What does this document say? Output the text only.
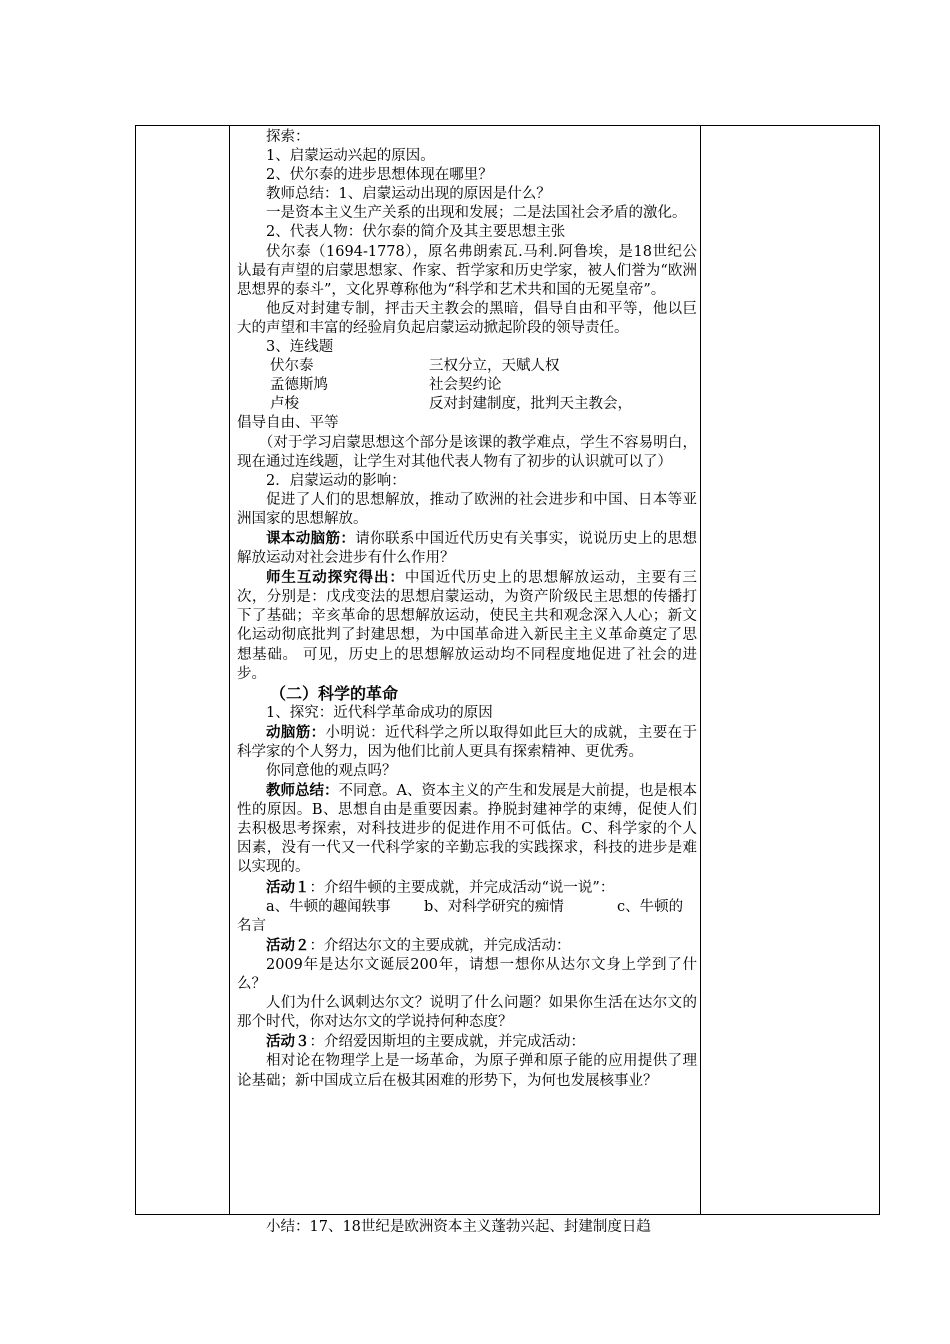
探索：

1、启蒙运动兴起的原因。

2、伏尔泰的进步思想体现在哪里？

教师总结：1、启蒙运动出现的原因是什么？

一是资本主义生产关系的出现和发展；二是法国社会矛盾的激化。

2、代表人物：伏尔泰的简介及其主要思想主张

伏尔泰（1694-1778），原名弗朗索瓦.马利.阿鲁埃，是18世纪公认最有声望的启蒙思想家、作家、哲学家和历史学家，被人们誉为“欧洲思想界的泰斗”，文化界尊称他为“科学和艺术共和国的无冕皇帝”。

他反对封建专制，抨击天主教会的黑暗，倡导自由和平等，他以巨大的声望和丰富的经验肩负起启蒙运动掀起阶段的领导责任。

3、连线题

伏尔泰	三权分立，天赋人权
孟德斯鸠	社会契约论
卢梭	反对封建制度，批判天主教会，

倡导自由、平等

（对于学习启蒙思想这个部分是该课的教学难点，学生不容易明白，现在通过连线题，让学生对其他代表人物有了初步的认识就可以了）

2．启蒙运动的影响：

促进了人们的思想解放，推动了欧洲的社会进步和中国、日本等亚洲国家的思想解放。

课本动脑筋：请你联系中国近代历史有关事实，说说历史上的思想解放运动对社会进步有什么作用？

师生互动探究得出：中国近代历史上的思想解放运动，主要有三次，分别是：戊戌变法的思想启蒙运动，为资产阶级民主思想的传播打下了基础；辛亥革命的思想解放运动，使民主共和观念深入人心；新文化运动彻底批判了封建思想，为中国革命进入新民主主义革命奠定了思想基础。 可见，历史上的思想解放运动均不同程度地促进了社会的进步。

（二）科学的革命

1、探究：近代科学革命成功的原因

动脑筋：小明说：近代科学之所以取得如此巨大的成就，主要在于科学家的个人努力，因为他们比前人更具有探索精神、更优秀。

你同意他的观点吗？

教师总结：不同意。A、资本主义的产生和发展是大前提，也是根本性的原因。B、思想自由是重要因素。挣脱封建神学的束缚，促使人们去积极思考探索，对科技进步的促进作用不可低估。C、科学家的个人因素，没有一代又一代科学家的辛勤忘我的实践探求，科技的进步是难以实现的。

活动１：介绍牛顿的主要成就，并完成活动“说一说”：

a、牛顿的趣闻轶事	b、对科学研究的痴情	c、牛顿的

名言

活动２：介绍达尔文的主要成就，并完成活动：

2009年是达尔文诞辰200年，请想一想你从达尔文身上学到了什么？

人们为什么讽刺达尔文？说明了什么问题？如果你生活在达尔文的那个时代，你对达尔文的学说持何种态度？

活动３：介绍爱因斯坦的主要成就，并完成活动：

相对论在物理学上是一场革命，为原子弹和原子能的应用提供了理论基础；新中国成立后在极其困难的形势下，为何也发展核事业？

小结：17、18世纪是欧洲资本主义蓬勃兴起、封建制度日趋
